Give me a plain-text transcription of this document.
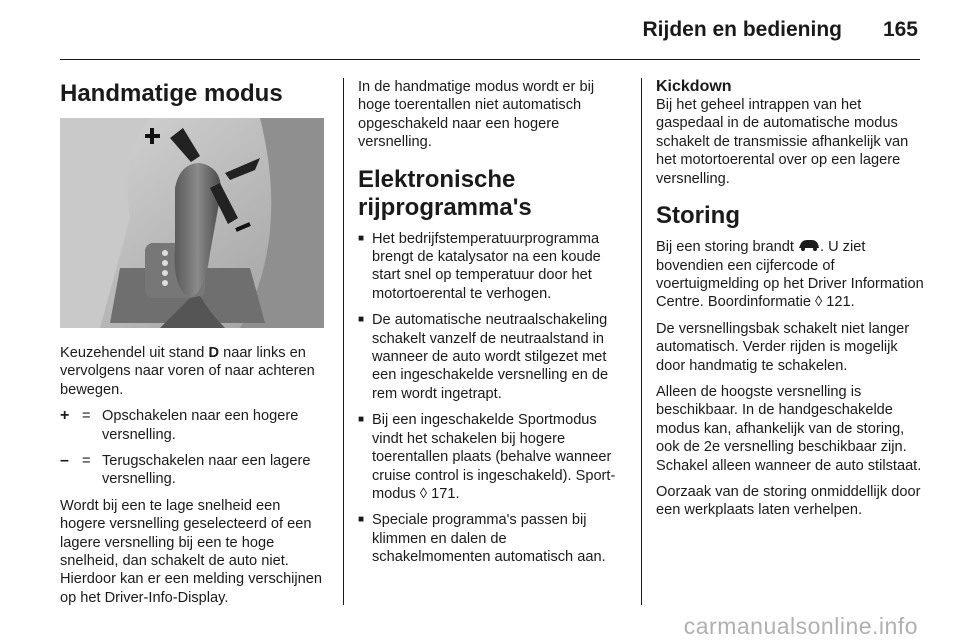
Rijden en bediening 165
Handmatige modus

Keuzehendel uit stand D naar links en vervolgens naar voren of naar achteren bewegen.

+ = Opschakelen naar een hogere versnelling.
– = Terugschakelen naar een lagere versnelling.

Wordt bij een te lage snelheid een hogere versnelling geselecteerd of een lagere versnelling bij een te hoge snelheid, dan schakelt de auto niet. Hierdoor kan er een melding verschijnen op het Driver-Info-Display.

In de handmatige modus wordt er bij hoge toerentallen niet automatisch opgeschakeld naar een hogere versnelling.

Elektronische
rijprogramma's
■ Het bedrijfstemperatuurprogramma brengt de katalysator na een koude start snel op temperatuur door het motortoerental te verhogen.
■ De automatische neutraalschakeling schakelt vanzelf de neutraalstand in wanneer de auto wordt stilgezet met een ingeschakelde versnelling en de rem wordt ingetrapt.
■ Bij een ingeschakelde Sportmodus vindt het schakelen bij hogere toerentallen plaats (behalve wanneer cruise control is ingeschakeld). Sport-modus ◊ 171.
■ Speciale programma's passen bij klimmen en dalen de schakelmomenten automatisch aan.
Kickdown

Bij het geheel intrappen van het gaspedaal in de automatische modus schakelt de transmissie afhankelijk van het motortoerental over op een lagere versnelling.

Storing

Bij een storing brandt . U ziet bovendien een cijfercode of voertuigmelding op het Driver Information Centre. Boordinformatie ◊ 121.

De versnellingsbak schakelt niet langer automatisch. Verder rijden is mogelijk door handmatig te schakelen.

Alleen de hoogste versnelling is beschikbaar. In de handgeschakelde modus kan, afhankelijk van de storing, ook de 2e versnelling beschikbaar zijn. Schakel alleen wanneer de auto stilstaat.

Oorzaak van de storing onmiddellijk door een werkplaats laten verhelpen.

carmanualsonline.info
